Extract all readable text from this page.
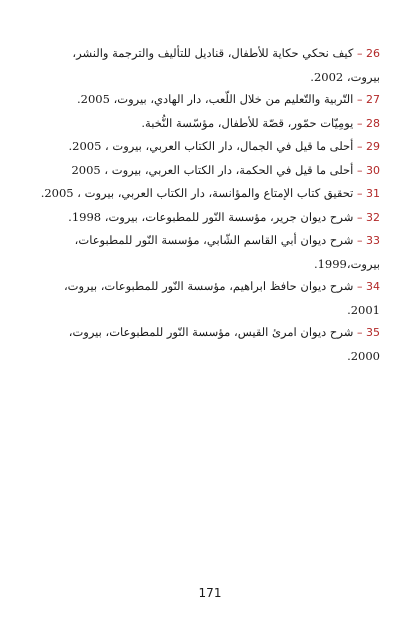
26 – كيف نحكي حكاية للأطفال، قناديل للتأليف والترجمة والنشر، بيروت، 2002.
27 – التّربية والتّعليم من خلال اللّعب، دار الهادي، بيروت، 2005.
28 – يومِيّات حمّور، قصّة للأطفال، مؤسّسة النُّخبة.
29 – أحلى ما قيل في الجمال، دار الكتاب العربي، بيروت ، 2005.
30 – أحلى ما قيل في الحكمة، دار الكتاب العربي، بيروت ، 2005
31 – تحقيق كتاب الإمتاع والمؤانسة، دار الكتاب العربي، بيروت ، 2005.
32 – شرح ديوان جرير، مؤسسة النّور للمطبوعات، بيروت، 1998.
33 – شرح ديوان أبي القاسم الشّابي، مؤسسة النّور للمطبوعات، بيروت،1999.
34 – شرح ديوان حافظ ابراهيم، مؤسسة النّور للمطبوعات، بيروت، 2001.
35 – شرح ديوان امرئ القيس، مؤسسة النّور للمطبوعات، بيروت، 2000.
171
